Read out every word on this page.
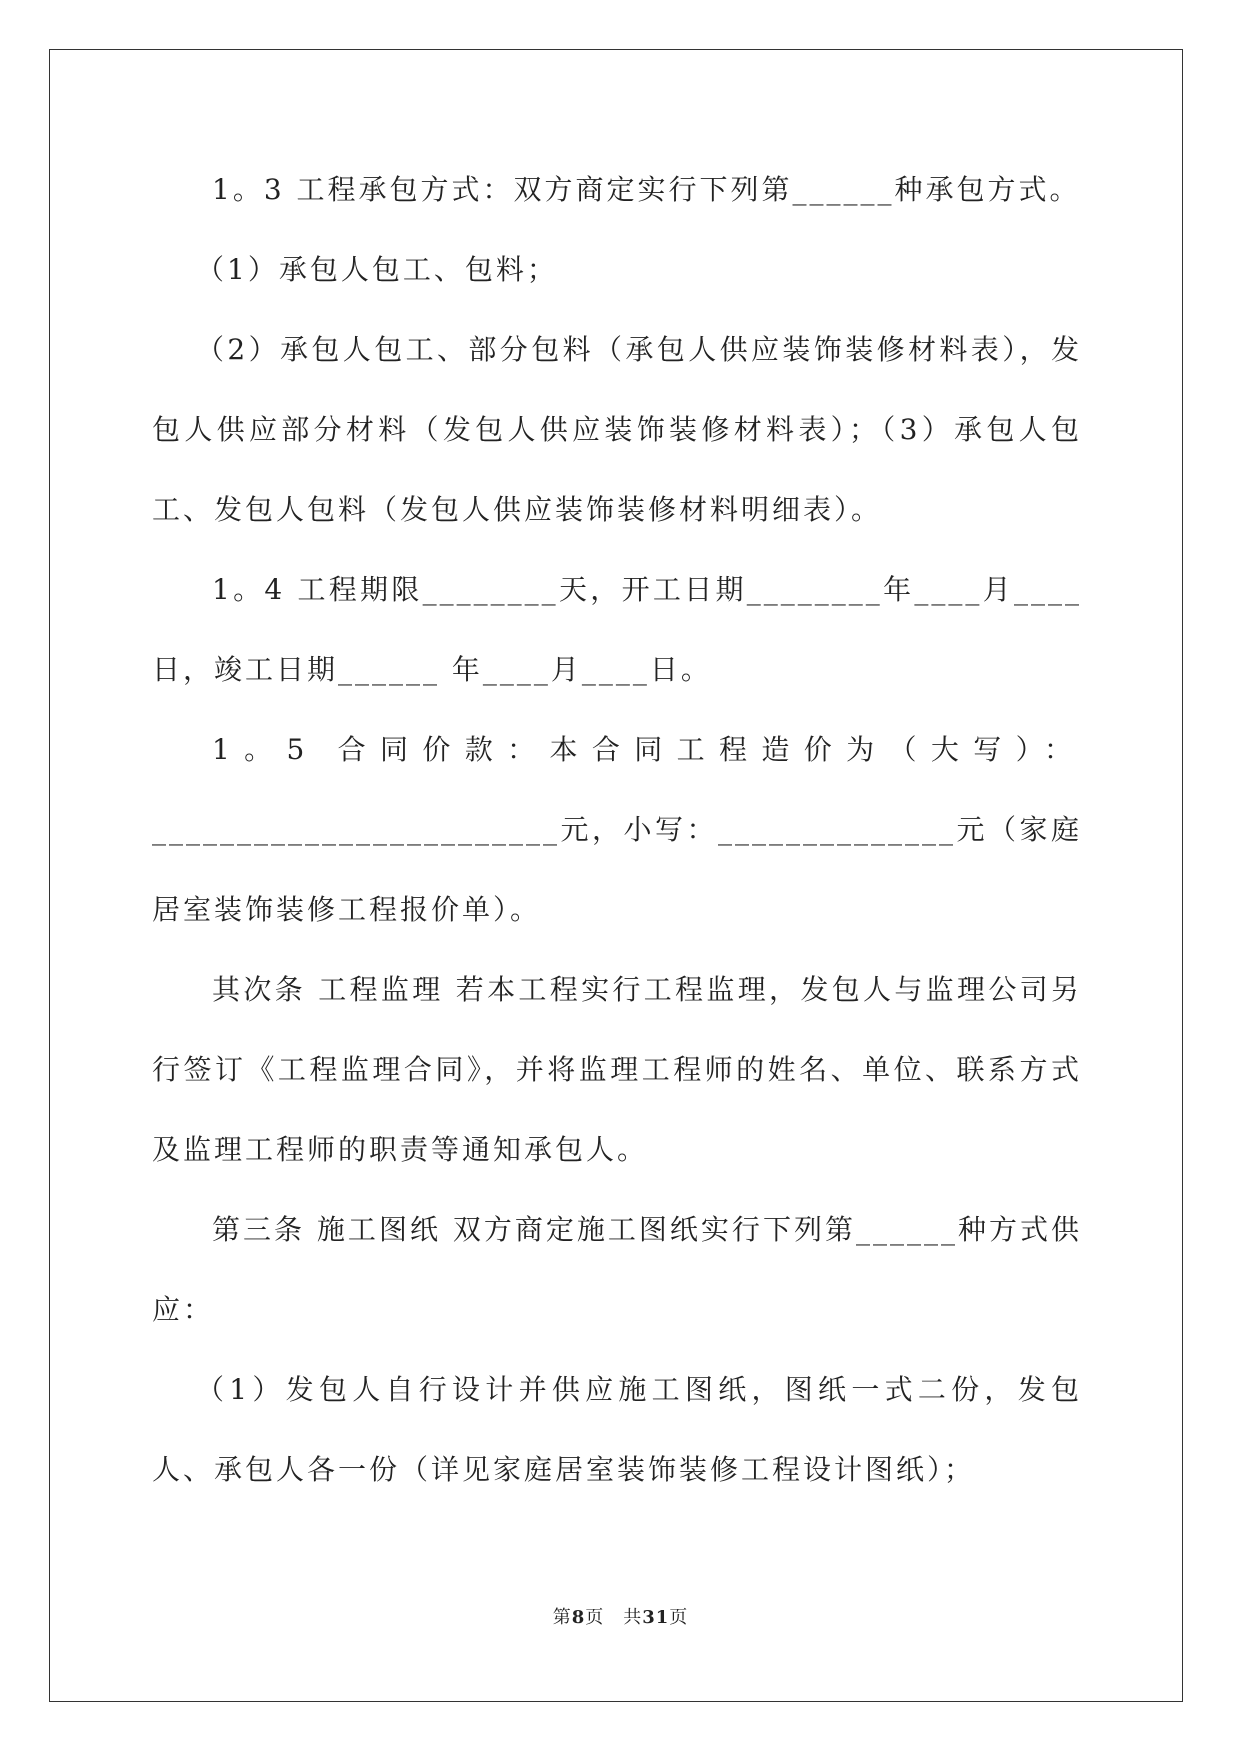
1。3 工程承包方式：双方商定实行下列第______种承包方式。

（1）承包人包工、包料；

（2）承包人包工、部分包料（承包人供应装饰装修材料表），发包人供应部分材料（发包人供应装饰装修材料表）；（3）承包人包工、发包人包料（发包人供应装饰装修材料明细表）。

1。4 工程期限________天，开工日期________年____月____日，竣工日期______ 年____月____日。

1。5 合同价款：本合同工程造价为（大写）：

________________________元，小写：______________元（家庭居室装饰装修工程报价单）。

其次条 工程监理 若本工程实行工程监理，发包人与监理公司另行签订《工程监理合同》，并将监理工程师的姓名、单位、联系方式及监理工程师的职责等通知承包人。

第三条 施工图纸 双方商定施工图纸实行下列第______种方式供应：

（1）发包人自行设计并供应施工图纸，图纸一式二份，发包人、承包人各一份（详见家庭居室装饰装修工程设计图纸）；

第8页　共31页
